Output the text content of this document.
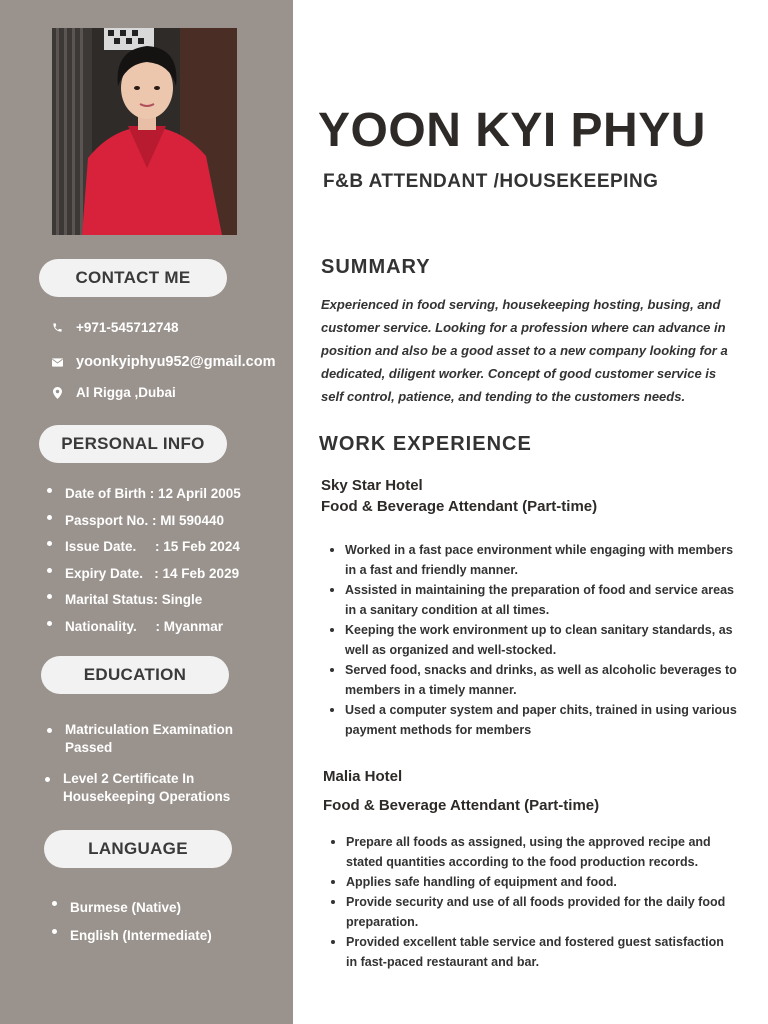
CONTACT ME
+971-545712748
yoonkyiphyu952@gmail.com
Al Rigga ,Dubai
PERSONAL INFO
Date of Birth : 12 April 2005
Passport No. : MI 590440
Issue Date.     : 15 Feb 2024
Expiry Date.   : 14 Feb 2029
Marital Status: Single
Nationality.     : Myanmar
EDUCATION
Matriculation Examination Passed
Level 2 Certificate In Housekeeping Operations
LANGUAGE
Burmese (Native)
English (Intermediate)
YOON KYI PHYU
F&B ATTENDANT /HOUSEKEEPING
SUMMARY
Experienced in food serving, housekeeping hosting, busing, and customer service. Looking for a profession where can advance in position and also be a good asset to a new company looking for a dedicated, diligent worker. Concept of good customer service is self control, patience, and tending to the customers needs.
WORK EXPERIENCE
Sky Star Hotel
Food & Beverage Attendant (Part-time)
Worked in a fast pace environment while engaging with members in a fast and friendly manner.
Assisted in maintaining the preparation of food and service areas in a sanitary condition at all times.
Keeping the work environment up to clean sanitary standards, as well as organized and well-stocked.
Served food, snacks and drinks, as well as alcoholic beverages to members in a timely manner.
Used a computer system and paper chits, trained in using various payment methods for members
Malia Hotel
Food & Beverage Attendant (Part-time)
Prepare all foods as assigned, using the approved recipe and stated quantities according to the food production records.
Applies safe handling of equipment and food.
Provide security and use of all foods provided for the daily food preparation.
Provided excellent table service and fostered guest satisfaction in fast-paced restaurant and bar.
